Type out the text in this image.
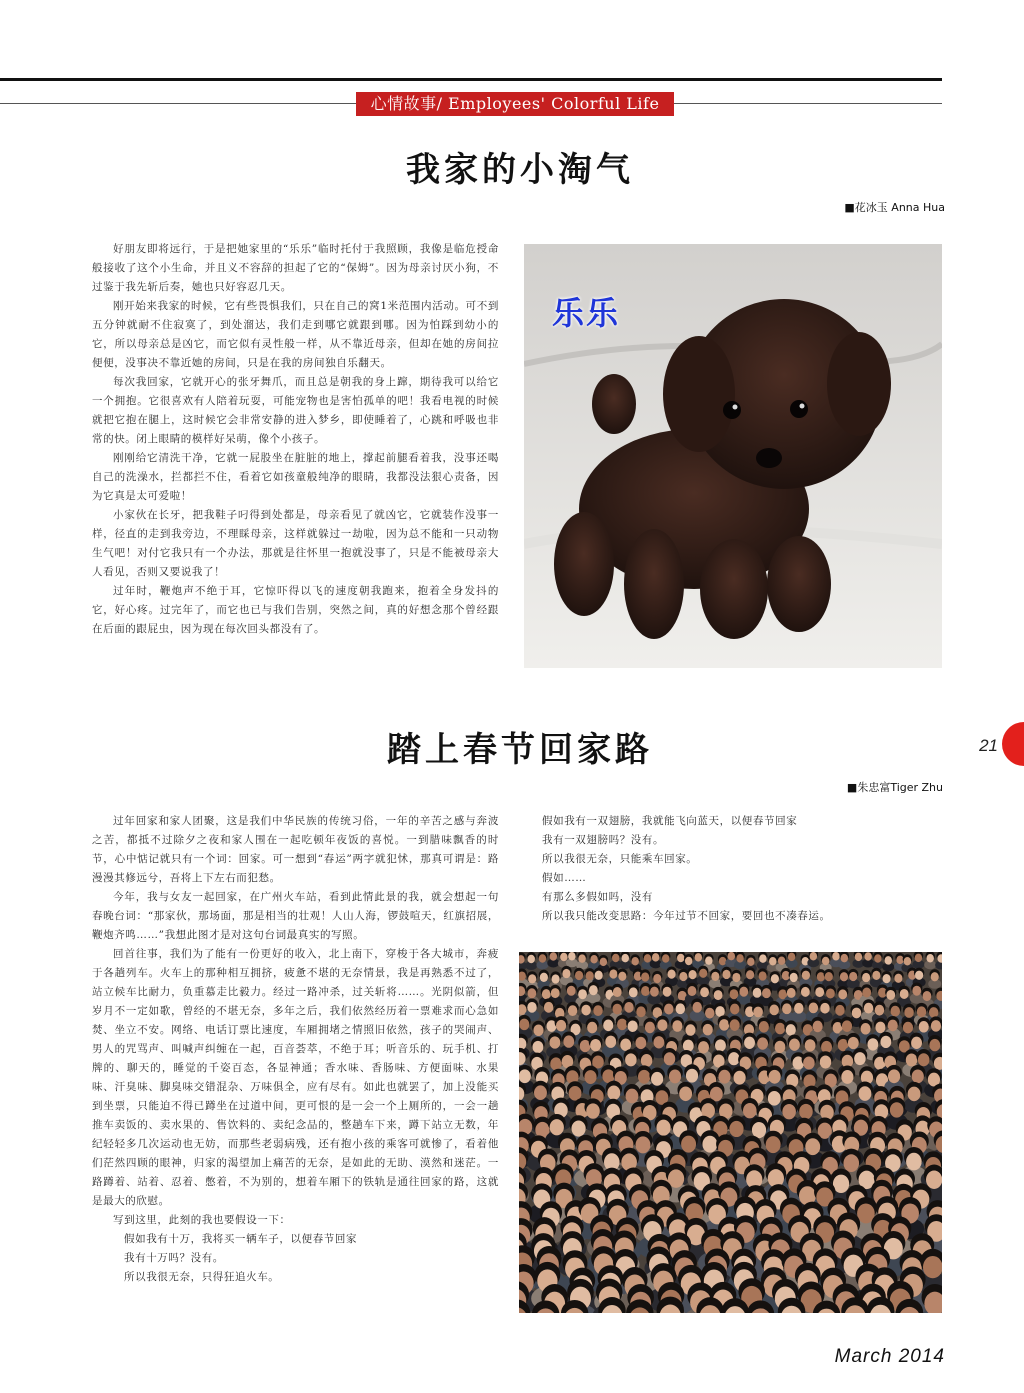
心情故事/ Employees' Colorful Life
我家的小淘气
■花冰玉 Anna Hua

好朋友即将远行，于是把她家里的“乐乐”临时托付于我照顾，我像是临危授命般接收了这个小生命，并且义不容辞的担起了它的“保姆”。因为母亲讨厌小狗，不过鉴于我先斩后奏，她也只好容忍几天。

刚开始来我家的时候，它有些畏惧我们，只在自己的窝1米范围内活动。可不到五分钟就耐不住寂寞了，到处溜达，我们走到哪它就跟到哪。因为怕踩到幼小的它，所以母亲总是凶它，而它似有灵性般一样，从不靠近母亲，但却在她的房间拉便便，没事决不靠近她的房间，只是在我的房间独自乐翻天。

每次我回家，它就开心的张牙舞爪，而且总是朝我的身上蹿，期待我可以给它一个拥抱。它很喜欢有人陪着玩耍，可能宠物也是害怕孤单的吧！我看电视的时候就把它抱在腿上，这时候它会非常安静的进入梦乡，即使睡着了，心跳和呼吸也非常的快。闭上眼睛的模样好呆萌，像个小孩子。

刚刚给它清洗干净，它就一屁股坐在脏脏的地上，撑起前腿看着我，没事还喝自己的洗澡水，拦都拦不住，看着它如孩童般纯净的眼睛，我都没法狠心责备，因为它真是太可爱啦！

小家伙在长牙，把我鞋子叼得到处都是，母亲看见了就凶它，它就装作没事一样，径直的走到我旁边，不理睬母亲，这样就躲过一劫啦，因为总不能和一只动物生气吧！对付它我只有一个办法，那就是往怀里一抱就没事了，只是不能被母亲大人看见，否则又要说我了！

过年时，鞭炮声不绝于耳，它惊吓得以飞的速度朝我跑来，抱着全身发抖的它，好心疼。过完年了，而它也已与我们告别，突然之间，真的好想念那个曾经跟在后面的跟屁虫，因为现在每次回头都没有了。

乐乐
21
踏上春节回家路
■朱忠富Tiger Zhu

过年回家和家人团聚，这是我们中华民族的传统习俗，一年的辛苦之感与奔波之苦，都抵不过除夕之夜和家人围在一起吃顿年夜饭的喜悦。一到腊味飘香的时节，心中惦记就只有一个词：回家。可一想到“春运”两字就犯怵，那真可谓是：路漫漫其修远兮，吾将上下左右而犯愁。

今年，我与女友一起回家，在广州火车站，看到此情此景的我，就会想起一句春晚台词：“那家伙，那场面，那是相当的壮观！人山人海，锣鼓喧天，红旗招展，鞭炮齐鸣……”我想此图才是对这句台词最真实的写照。

回首往事，我们为了能有一份更好的收入，北上南下，穿梭于各大城市，奔疲于各趟列车。火车上的那种相互拥挤，疲惫不堪的无奈情景，我是再熟悉不过了，站立候车比耐力，负重慕走比毅力。经过一路冲杀，过关斩将……。光阴似箭，但岁月不一定如歌，曾经的不堪无奈，多年之后，我们依然经历着一票难求而心急如焚、坐立不安。网络、电话订票比速度，车厢拥堵之情照旧依然，孩子的哭闹声、男人的咒骂声、叫喊声纠缠在一起，百音荟萃，不绝于耳；听音乐的、玩手机、打牌的、聊天的，睡觉的千姿百态，各显神通；香水味、香肠味、方便面味、水果味、汗臭味、脚臭味交错混杂、万味俱全，应有尽有。如此也就罢了，加上没能买到坐票，只能迫不得已蹲坐在过道中间，更可恨的是一会一个上厕所的，一会一趟推车卖饭的、卖水果的、售饮料的、卖纪念品的，整趟车下来，蹲下站立无数，年纪轻轻多几次运动也无妨，而那些老弱病残，还有抱小孩的乘客可就惨了，看着他们茫然四顾的眼神，归家的渴望加上痛苦的无奈，是如此的无助、漠然和迷茫。一路蹲着、站着、忍着、憋着，不为别的，想着车厢下的铁轨是通往回家的路，这就是最大的欣慰。

写到这里，此刻的我也要假设一下：

假如我有十万，我将买一辆车子，以便春节回家

我有十万吗？没有。

所以我很无奈，只得狂追火车。

假如我有一双翅膀，我就能飞向蓝天，以便春节回家

我有一双翅膀吗？没有。

所以我很无奈，只能乘车回家。

假如……

有那么多假如吗，没有

所以我只能改变思路：今年过节不回家，要回也不凑春运。

March 2014
